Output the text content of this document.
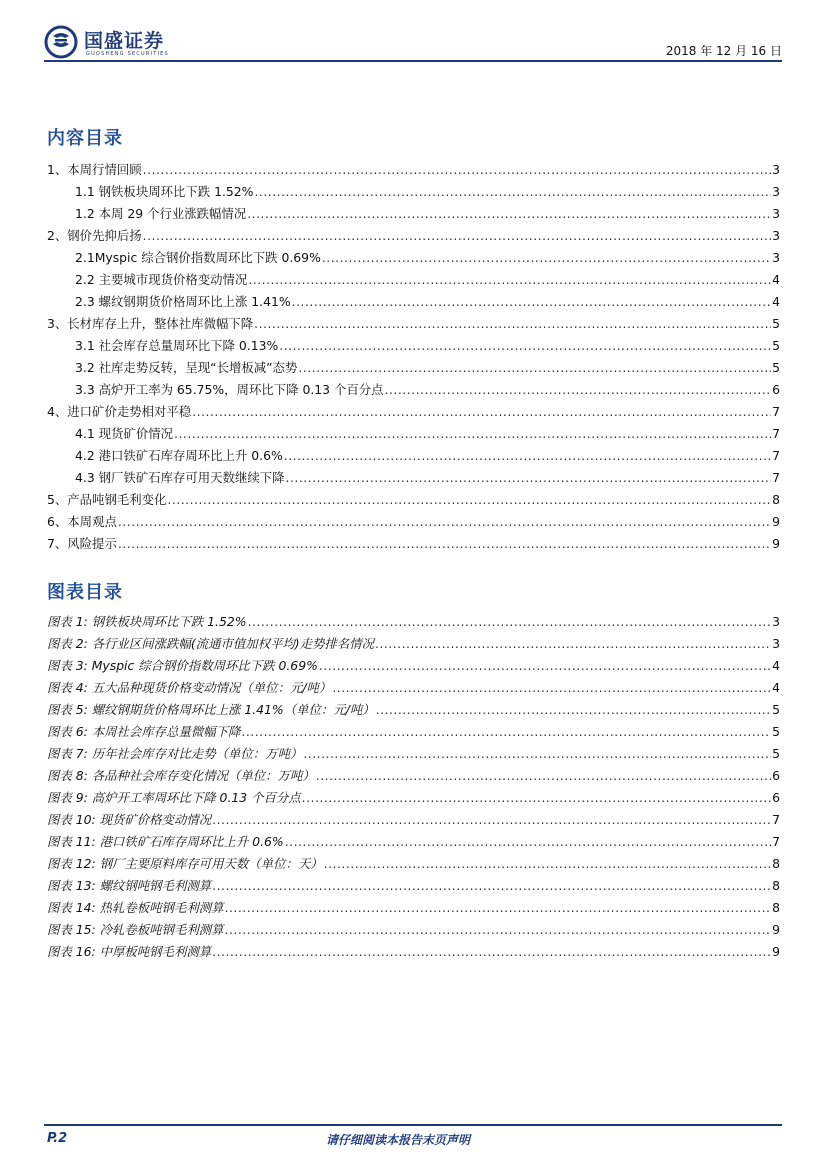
国盛证券
GUOSHENG SECURITIES	2018 年 12 月 16 日
内容目录
1、本周行情回顾 .....	3
1.1 钢铁板块周环比下跌 1.52% .....	3
1.2 本周 29 个行业涨跌幅情况 .....	3
2、钢价先抑后扬 .....	3
2.1Myspic 综合钢价指数周环比下跌 0.69% .....	3
2.2 主要城市现货价格变动情况 .....	4
2.3 螺纹钢期货价格周环比上涨 1.41% .....	4
3、长材库存上升，整体社库微幅下降 .....	5
3.1 社会库存总量周环比下降 0.13% .....	5
3.2 社库走势反转，呈现“长增板减”态势 .....	5
3.3 高炉开工率为 65.75%，周环比下降 0.13 个百分点 .....	6
4、进口矿价走势相对平稳 .....	7
4.1 现货矿价情况 .....	7
4.2 港口铁矿石库存周环比上升 0.6% .....	7
4.3 钢厂铁矿石库存可用天数继续下降 .....	7
5、产品吨钢毛利变化 .....	8
6、本周观点 .....	9
7、风险提示 .....	9
图表目录
图表 1: 钢铁板块周环比下跌 1.52% .....	3
图表 2: 各行业区间涨跌幅(流通市值加权平均)走势排名情况 .....	3
图表 3: Myspic 综合钢价指数周环比下跌 0.69% .....	4
图表 4: 五大品种现货价格变动情况（单位：元/吨） .....	4
图表 5: 螺纹钢期货价格周环比上涨 1.41%（单位：元/吨） .....	5
图表 6: 本周社会库存总量微幅下降 .....	5
图表 7: 历年社会库存对比走势（单位：万吨） .....	5
图表 8: 各品种社会库存变化情况（单位：万吨） .....	6
图表 9: 高炉开工率周环比下降 0.13 个百分点 .....	6
图表 10: 现货矿价格变动情况 .....	7
图表 11: 港口铁矿石库存周环比上升 0.6% .....	7
图表 12: 钢厂主要原料库存可用天数（单位：天） .....	8
图表 13: 螺纹钢吨钢毛利测算 .....	8
图表 14: 热轧卷板吨钢毛利测算 .....	8
图表 15: 冷轧卷板吨钢毛利测算 .....	9
图表 16: 中厚板吨钢毛利测算 .....	9
P.2	请仔细阅读本报告末页声明
